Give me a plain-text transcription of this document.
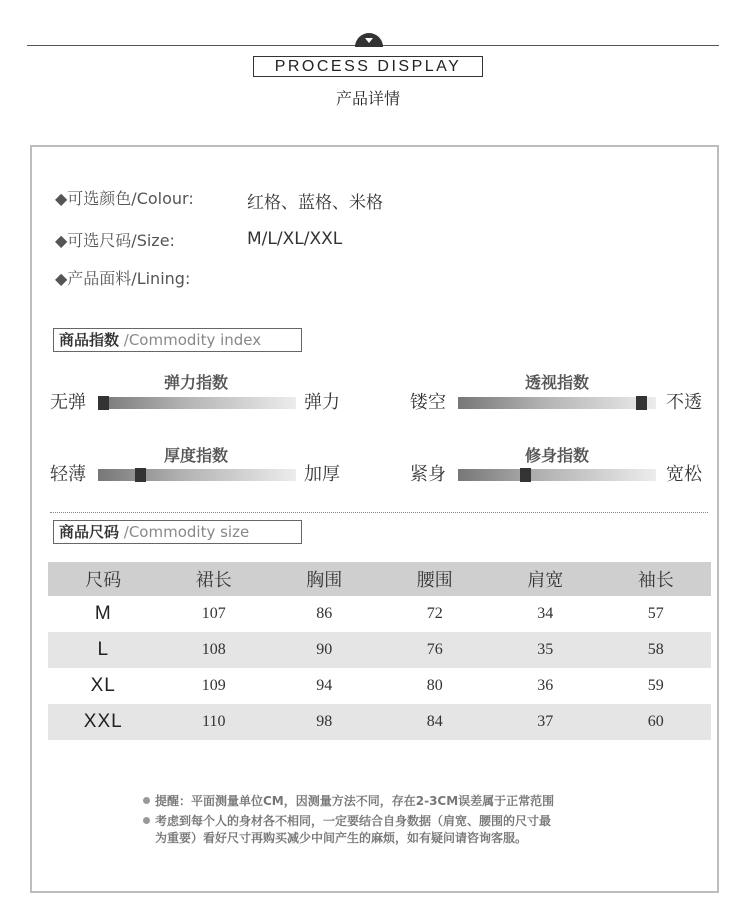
PROCESS DISPLAY
产品详情
◆可选颜色/Colour:	红格、蓝格、米格
◆可选尺码/Size:	M/L/XL/XXL
◆产品面料/Lining:
商品指数 /Commodity index
弹力指数
无弹	弹力
透视指数
镂空	不透
厚度指数
轻薄	加厚
修身指数
紧身	宽松
商品尺码 /Commodity size
尺码	裙长	胸围	腰围	肩宽	袖长
M	107	86	72	34	57
L	108	90	76	35	58
XL	109	94	80	36	59
XXL	110	98	84	37	60
提醒：平面测量单位CM，因测量方法不同，存在2-3CM误差属于正常范围
考虑到每个人的身材各不相同，一定要结合自身数据（肩宽、腰围的尺寸最
为重要）看好尺寸再购买减少中间产生的麻烦，如有疑问请咨询客服。
